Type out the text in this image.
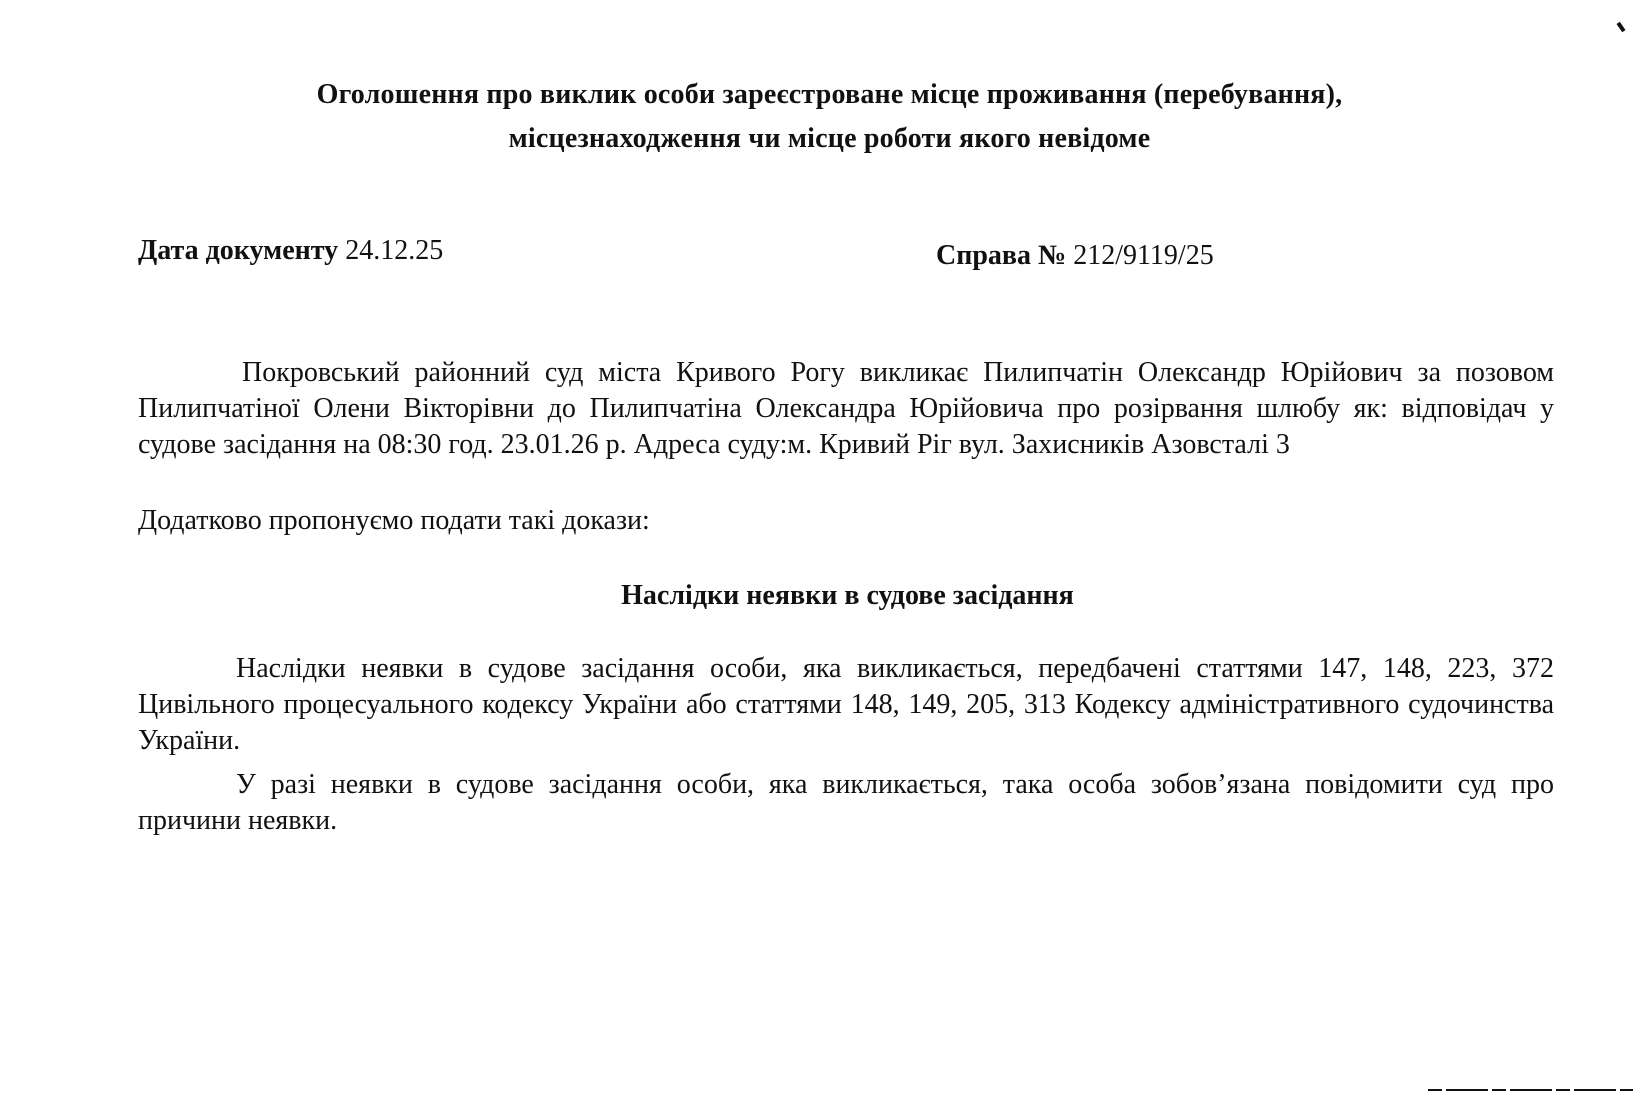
Оголошення про виклик особи зареєстроване місце проживання (перебування),
місцезнаходження чи місце роботи якого невідоме
Дата документу 24.12.25	Справа № 212/9119/25
Покровський районний суд міста Кривого Рогу викликає Пилипчатін Олександр Юрійович за позовом Пилипчатіної Олени Вікторівни до Пилипчатіна Олександра Юрійовича про розірвання шлюбу як: відповідач у судове засідання на 08:30 год. 23.01.26 р. Адреса суду:м. Кривий Ріг вул. Захисників Азовсталі 3
Додатково пропонуємо подати такі докази:
Наслідки неявки в судове засідання
Наслідки неявки в судове засідання особи, яка викликається, передбачені статтями 147, 148, 223, 372 Цивільного процесуального кодексу України або статтями 148, 149, 205, 313 Кодексу адміністративного судочинства України.
У разі неявки в судове засідання особи, яка викликається, така особа зобов’язана повідомити суд про причини неявки.
